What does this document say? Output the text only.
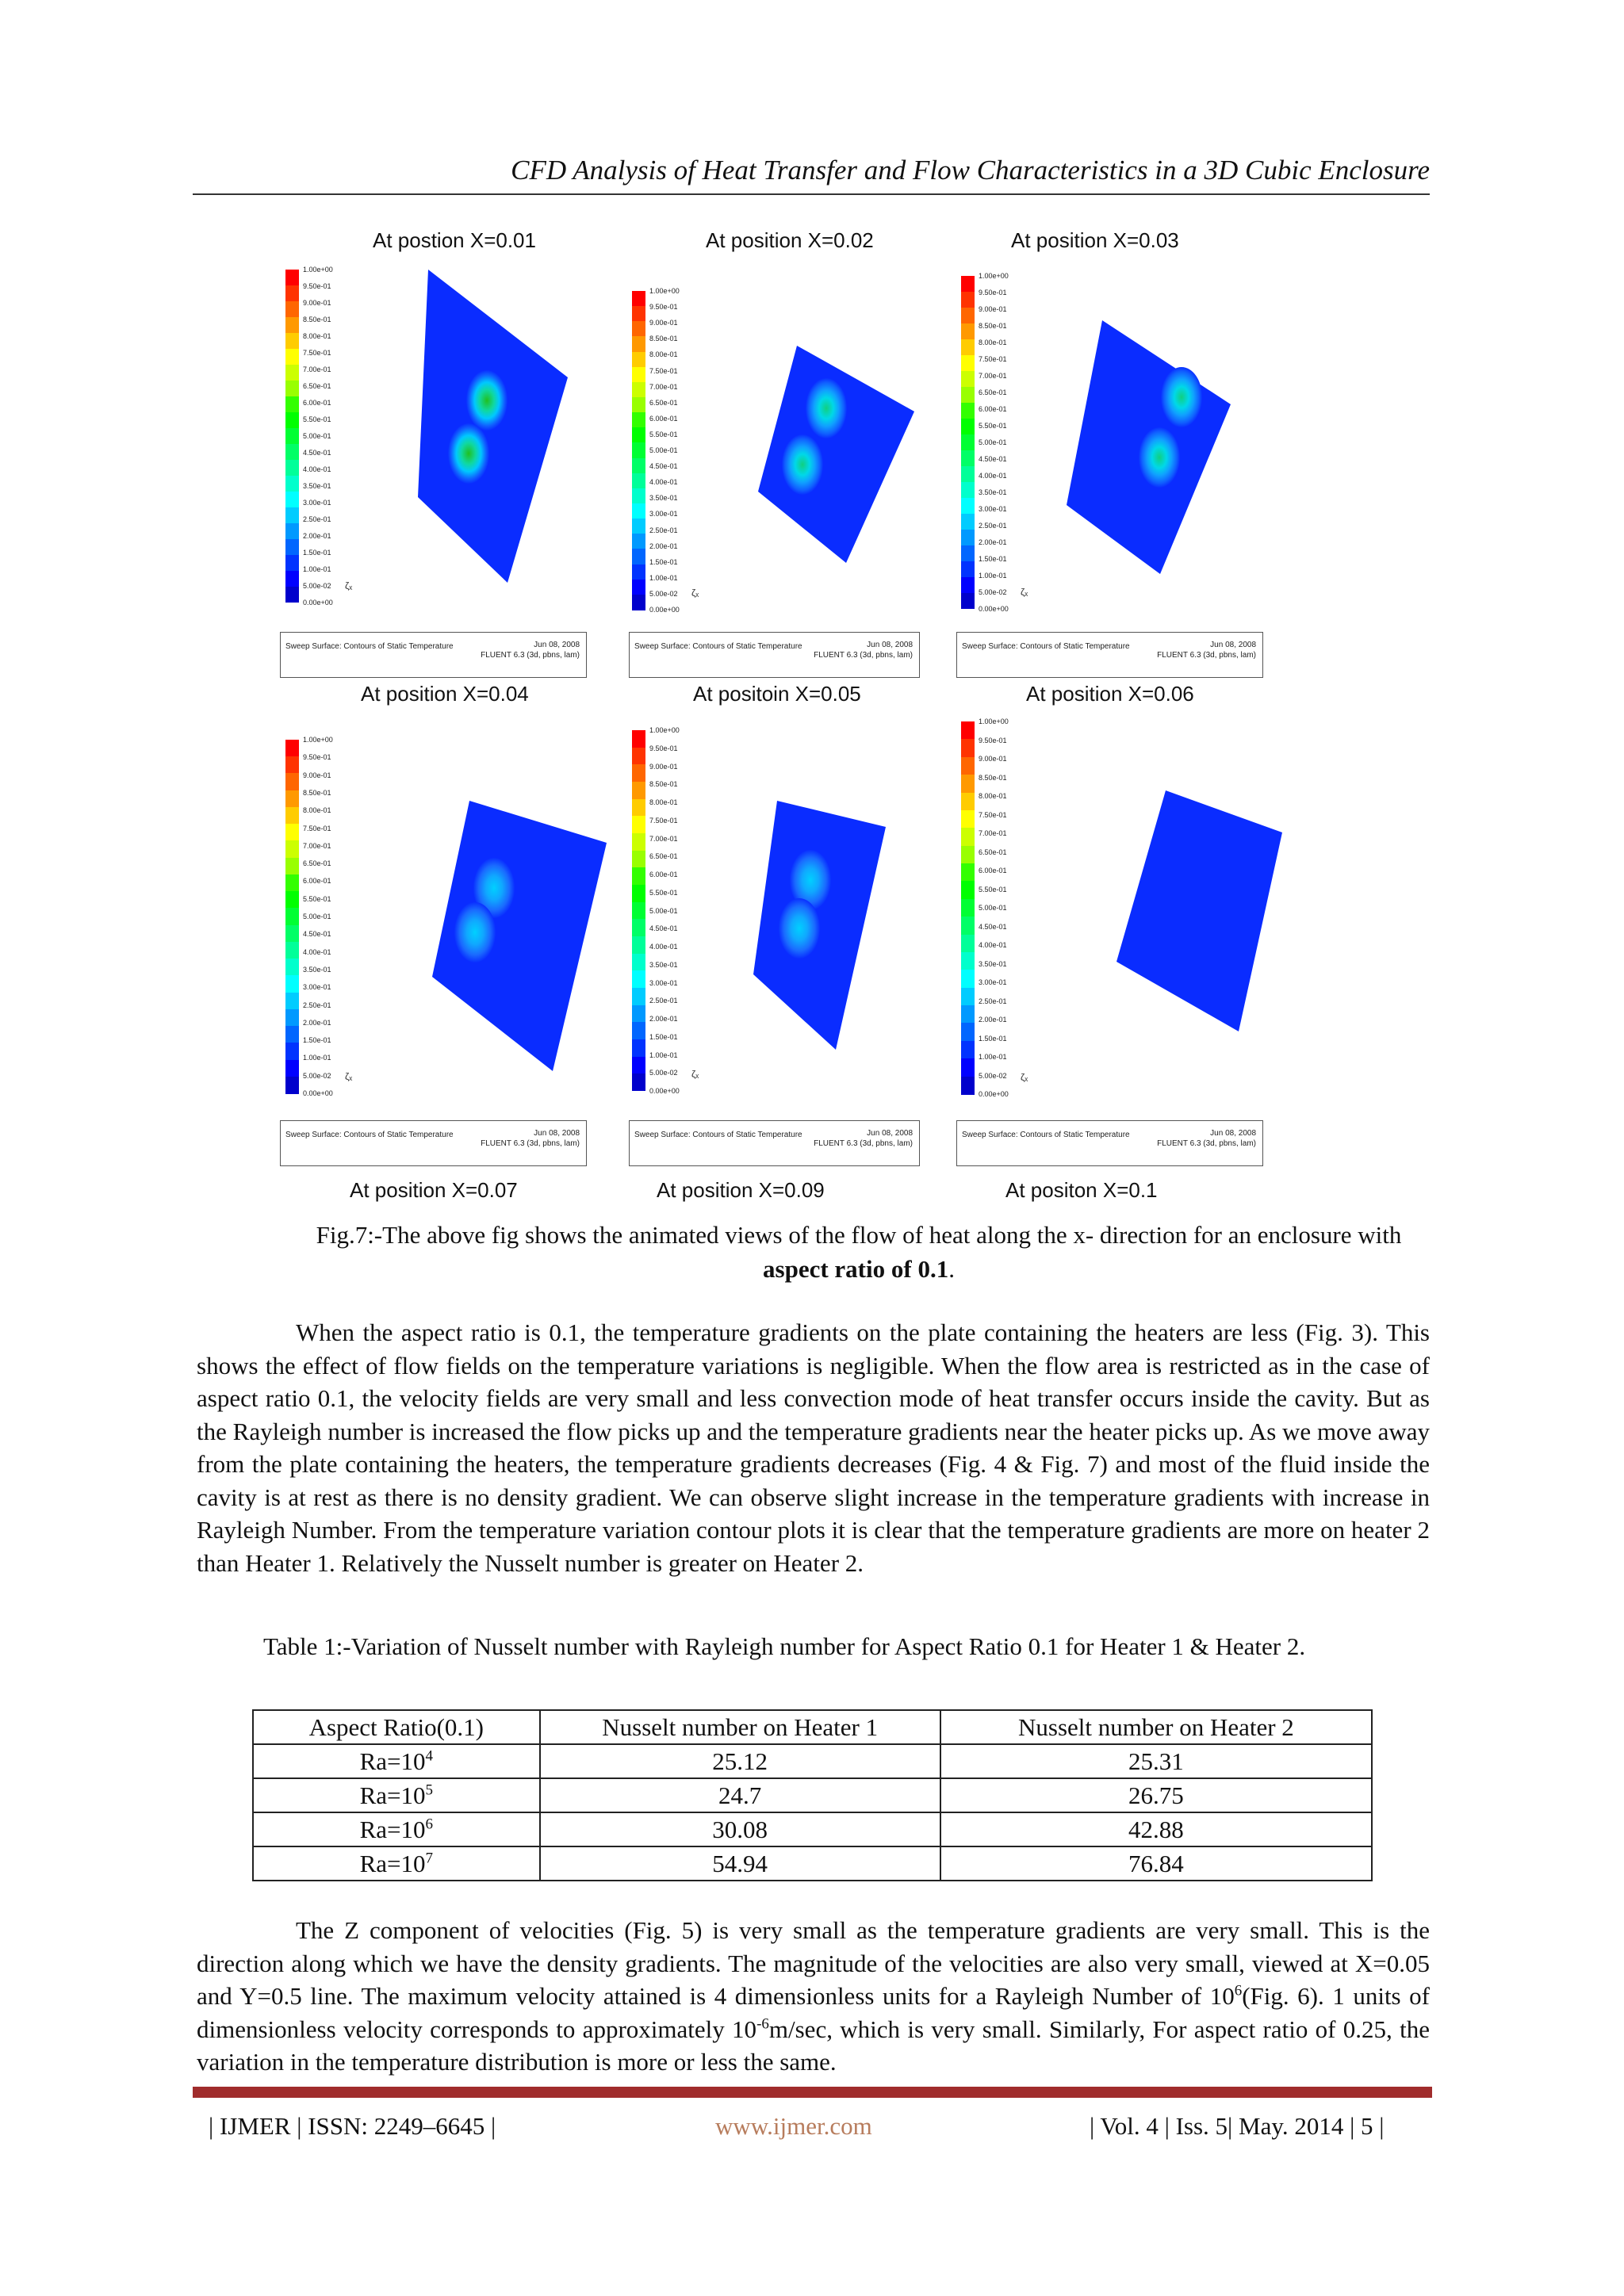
CFD Analysis of Heat Transfer and Flow Characteristics in a 3D Cubic Enclosure
1.00e+00
9.50e-01
9.00e-01
8.50e-01
8.00e-01
7.50e-01
7.00e-01
6.50e-01
6.00e-01
5.50e-01
5.00e-01
4.50e-01
4.00e-01
3.50e-01
3.00e-01
2.50e-01
2.00e-01
1.50e-01
1.00e-01
5.00e-02
0.00e+00
ζₓ
Sweep Surface: Contours of Static Temperature	Jun 08, 2008
FLUENT 6.3 (3d, pbns, lam)
At postion X=0.01
At position X=0.04
1.00e+00
9.50e-01
9.00e-01
8.50e-01
8.00e-01
7.50e-01
7.00e-01
6.50e-01
6.00e-01
5.50e-01
5.00e-01
4.50e-01
4.00e-01
3.50e-01
3.00e-01
2.50e-01
2.00e-01
1.50e-01
1.00e-01
5.00e-02
0.00e+00
ζₓ
Sweep Surface: Contours of Static Temperature	Jun 08, 2008
FLUENT 6.3 (3d, pbns, lam)
At position X=0.02
At positoin X=0.05
1.00e+00
9.50e-01
9.00e-01
8.50e-01
8.00e-01
7.50e-01
7.00e-01
6.50e-01
6.00e-01
5.50e-01
5.00e-01
4.50e-01
4.00e-01
3.50e-01
3.00e-01
2.50e-01
2.00e-01
1.50e-01
1.00e-01
5.00e-02
0.00e+00
ζₓ
Sweep Surface: Contours of Static Temperature	Jun 08, 2008
FLUENT 6.3 (3d, pbns, lam)
At position X=0.03
At position X=0.06
1.00e+00
9.50e-01
9.00e-01
8.50e-01
8.00e-01
7.50e-01
7.00e-01
6.50e-01
6.00e-01
5.50e-01
5.00e-01
4.50e-01
4.00e-01
3.50e-01
3.00e-01
2.50e-01
2.00e-01
1.50e-01
1.00e-01
5.00e-02
0.00e+00
ζₓ
Sweep Surface: Contours of Static Temperature	Jun 08, 2008
FLUENT 6.3 (3d, pbns, lam)
At position X=0.07
1.00e+00
9.50e-01
9.00e-01
8.50e-01
8.00e-01
7.50e-01
7.00e-01
6.50e-01
6.00e-01
5.50e-01
5.00e-01
4.50e-01
4.00e-01
3.50e-01
3.00e-01
2.50e-01
2.00e-01
1.50e-01
1.00e-01
5.00e-02
0.00e+00
ζₓ
Sweep Surface: Contours of Static Temperature	Jun 08, 2008
FLUENT 6.3 (3d, pbns, lam)
At position X=0.09
1.00e+00
9.50e-01
9.00e-01
8.50e-01
8.00e-01
7.50e-01
7.00e-01
6.50e-01
6.00e-01
5.50e-01
5.00e-01
4.50e-01
4.00e-01
3.50e-01
3.00e-01
2.50e-01
2.00e-01
1.50e-01
1.00e-01
5.00e-02
0.00e+00
ζₓ
Sweep Surface: Contours of Static Temperature	Jun 08, 2008
FLUENT 6.3 (3d, pbns, lam)
At positon X=0.1
Fig.7:-The above fig shows the animated views of the flow of heat along the x- direction for an enclosure with aspect ratio of 0.1.

When the aspect ratio is 0.1, the temperature gradients on the plate containing the heaters are less (Fig. 3). This shows the effect of flow fields on the temperature variations is negligible. When the flow area is restricted as in the case of aspect ratio 0.1, the velocity fields are very small and less convection mode of heat transfer occurs inside the cavity. But as the Rayleigh number is increased the flow picks up and the temperature gradients near the heater picks up. As we move away from the plate containing the heaters, the temperature gradients decreases (Fig. 4 & Fig. 7) and most of the fluid inside the cavity is at rest as there is no density gradient. We can observe slight increase in the temperature gradients with increase in Rayleigh Number. From the temperature variation contour plots it is clear that the temperature gradients are more on heater 2 than Heater 1. Relatively the Nusselt number is greater on Heater 2.

Table 1:-Variation of Nusselt number with Rayleigh number for Aspect Ratio 0.1 for Heater 1 & Heater 2.
Aspect Ratio(0.1)	Nusselt number on Heater 1	Nusselt number on Heater 2
$Ra=10^4$	25.12	25.31
$Ra=10^5$	24.7	26.75
$Ra=10^6$	30.08	42.88
$Ra=10^7$	54.94	76.84

The Z component of velocities (Fig. 5) is very small as the temperature gradients are very small. This is the direction along which we have the density gradients. The magnitude of the velocities are also very small, viewed at X=0.05 and Y=0.5 line. The maximum velocity attained is 4 dimensionless units for a Rayleigh Number of $10^6(Fig$. 6). 1 units of dimensionless velocity corresponds to approximately $10^{-6}m/\sec$, which is very small. Similarly, For aspect ratio of 0.25, the variation in the temperature distribution is more or less the same.

| IJMER | ISSN: 2249–6645 |	www.ijmer.com	| Vol. 4 | Iss. 5| May. 2014 | 5 |
